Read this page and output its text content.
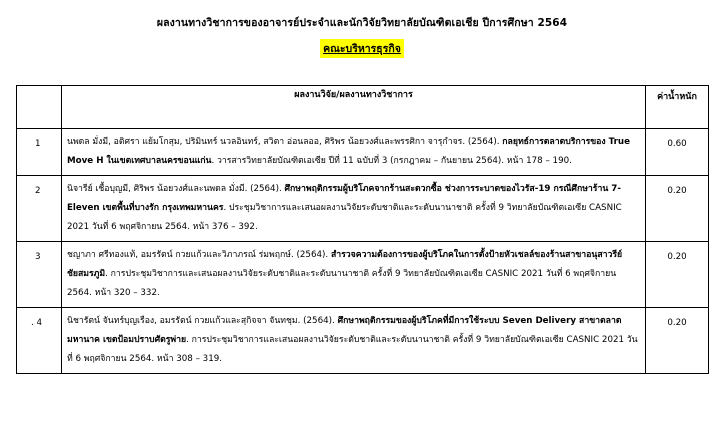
ผลงานทางวิชาการของอาจารย์ประจำและนักวิจัยวิทยาลัยบัณฑิตเอเชีย ปีการศึกษา 2564
คณะบริหารธุรกิจ
	ผลงานวิจัย/ผลงานทางวิชาการ	ค่าน้ำหนัก
1	นพดล มั่งมี, อติศรา แย้มโกสุม, ปริมินทร์ นวลอินทร์, สวิตา อ่อนลออ, ศิริพร น้อยวงศ์และพรรศิกา จารุกำจร. (2564). กลยุทธ์การตลาดบริการของ True Move H ในเขตเทศบาลนครขอนแก่น. วารสารวิทยาลัยบัณฑิตเอเซีย ปีที่ 11 ฉบับที่ 3 (กรกฎาคม – กันยายน 2564). หน้า 178 – 190.	0.60
2	นิจารีย์ เชื้อบุญมี, ศิริพร น้อยวงศ์และนพดล มั่งมี. (2564). ศึกษาพฤติกรรมผู้บริโภคจากร้านสะดวกซื้อ ช่วงการระบาดของไวรัส-19 กรณีศึกษาร้าน 7-Eleven เขตพื้นที่บางรัก กรุงเทพมหานคร. ประชุมวิชาการและเสนอผลงานวิจัยระดับชาติและระดับนานาชาติ ครั้งที่ 9 วิทยาลัยบัณฑิตเอเซีย CASNIC 2021 วันที่ 6 พฤศจิกายน 2564. หน้า 376 – 392.	0.20
3	ชญาภา ศรีทองแท้, อมรรัตน์ กวยแก้วและวิภาภรณ์ ร่มพฤกษ์. (2564). สำรวจความต้องการของผู้บริโภคในการตั้งป้ายหัวเชลล์ของร้านสาขาอนุสาวรีย์ชัยสมรภูมิ. การประชุมวิชาการและเสนอผลงานวิจัยระดับชาติและระดับนานาชาติ ครั้งที่ 9 วิทยาลัยบัณฑิตเอเซีย CASNIC 2021 วันที่ 6 พฤศจิกายน 2564. หน้า 320 – 332.	0.20
. 4	นิชารัตน์ จันทร์บุญเรือง, อมรรัตน์ กวยแก้วและสุกิจจา จันทชุม. (2564). ศึกษาพฤติกรรมของผู้บริโภคที่มีการใช้ระบบ Seven Delivery สาขาตลาดมหานาค เขตป้อมปราบศัตรูพ่าย. การประชุมวิชาการและเสนอผลงานวิจัยระดับชาติและระดับนานาชาติ ครั้งที่ 9 วิทยาลัยบัณฑิตเอเซีย CASNIC 2021 วันที่ 6 พฤศจิกายน 2564. หน้า 308 – 319.	0.20
